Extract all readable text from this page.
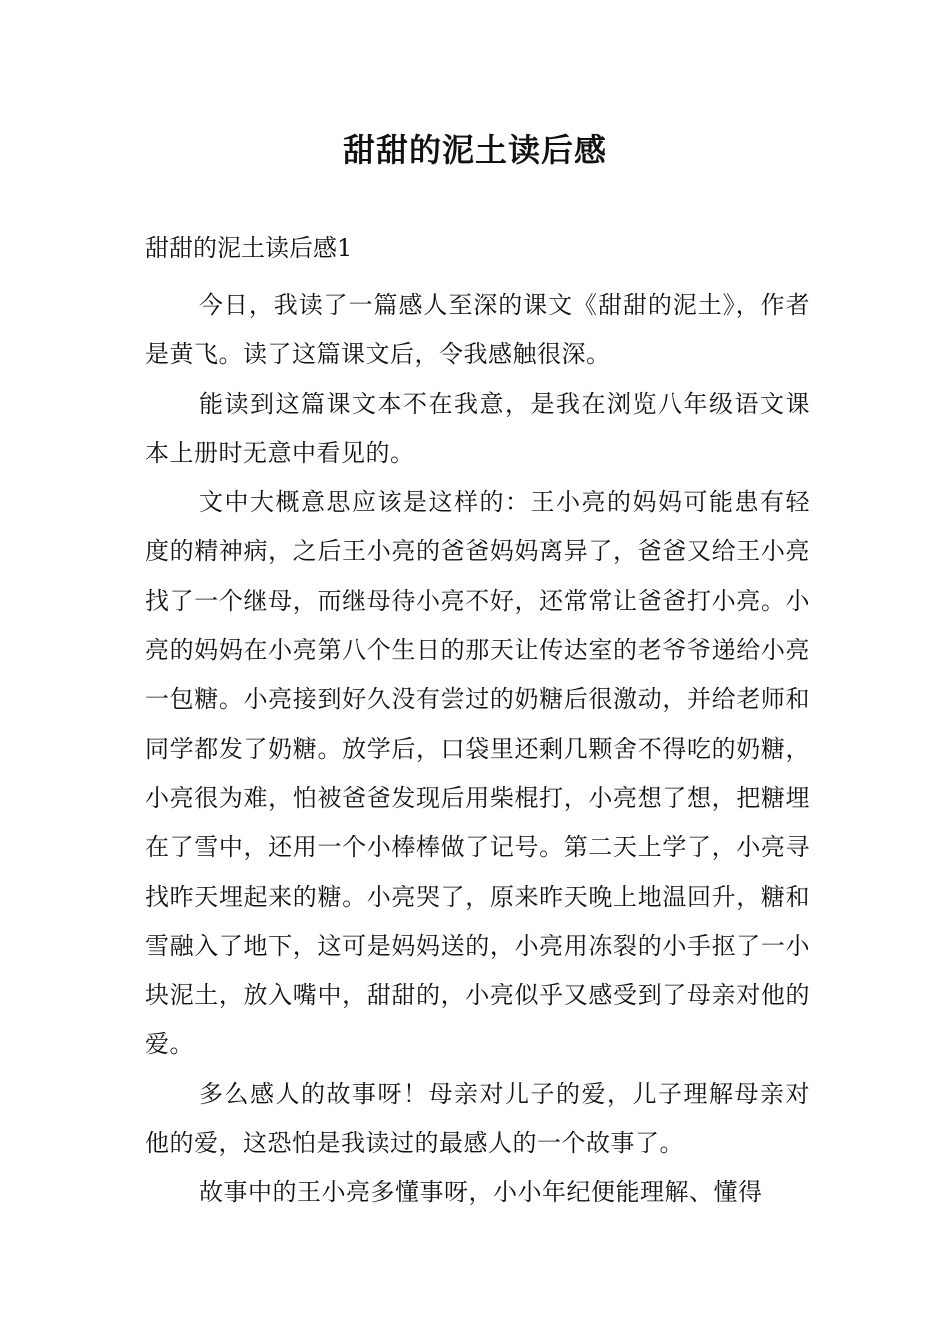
甜甜的泥土读后感
甜甜的泥土读后感1

今日，我读了一篇感人至深的课文《甜甜的泥土》，作者是黄飞。读了这篇课文后，令我感触很深。

能读到这篇课文本不在我意，是我在浏览八年级语文课本上册时无意中看见的。

文中大概意思应该是这样的：王小亮的妈妈可能患有轻度的精神病，之后王小亮的爸爸妈妈离异了，爸爸又给王小亮找了一个继母，而继母待小亮不好，还常常让爸爸打小亮。小亮的妈妈在小亮第八个生日的那天让传达室的老爷爷递给小亮一包糖。小亮接到好久没有尝过的奶糖后很激动，并给老师和同学都发了奶糖。放学后，口袋里还剩几颗舍不得吃的奶糖，小亮很为难，怕被爸爸发现后用柴棍打，小亮想了想，把糖埋在了雪中，还用一个小棒棒做了记号。第二天上学了，小亮寻找昨天埋起来的糖。小亮哭了，原来昨天晚上地温回升，糖和雪融入了地下，这可是妈妈送的，小亮用冻裂的小手抠了一小块泥土，放入嘴中，甜甜的，小亮似乎又感受到了母亲对他的爱。

多么感人的故事呀！母亲对儿子的爱，儿子理解母亲对他的爱，这恐怕是我读过的最感人的一个故事了。

故事中的王小亮多懂事呀，小小年纪便能理解、懂得
